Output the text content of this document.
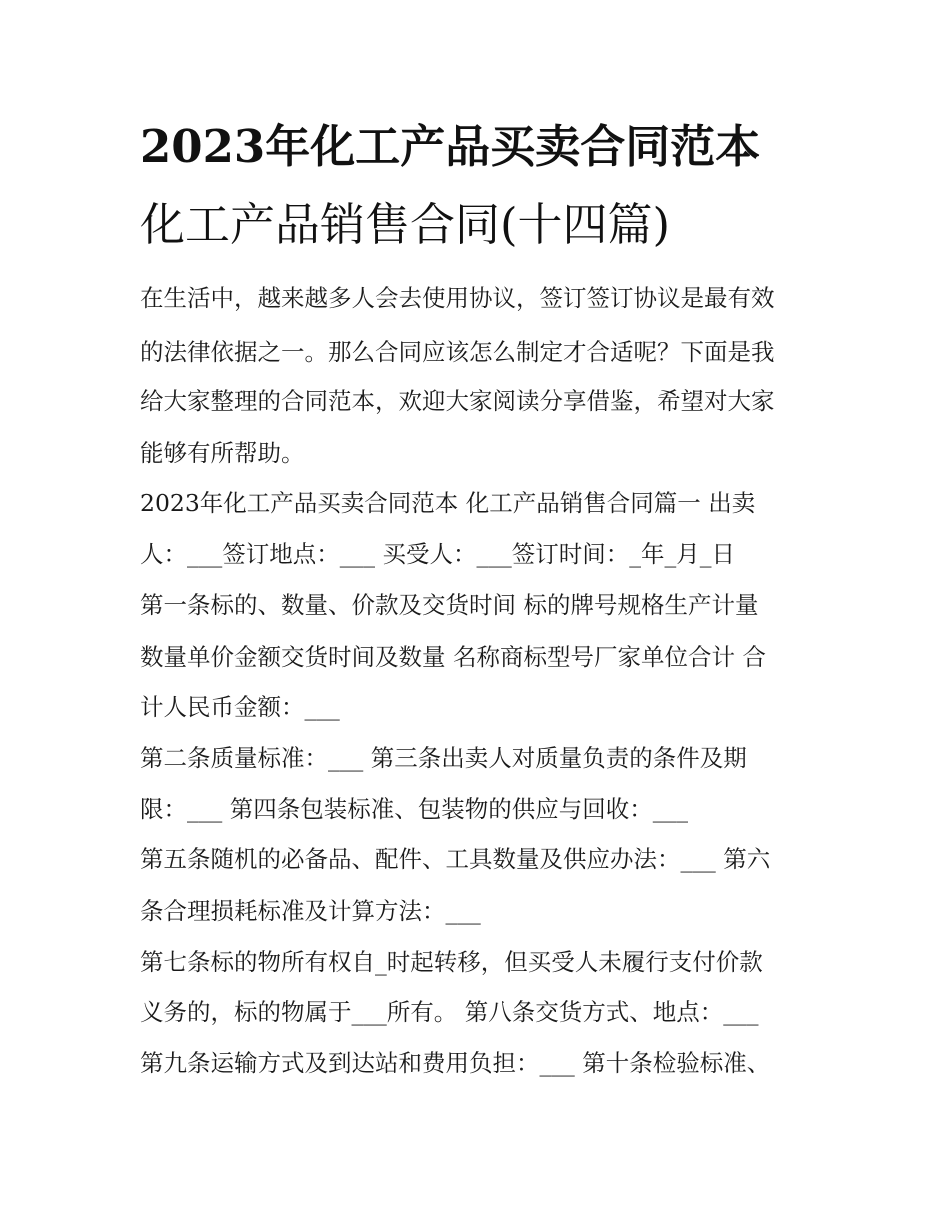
2023年化工产品买卖合同范本
化工产品销售合同(十四篇)
在生活中，越来越多人会去使用协议，签订签订协议是最有效
的法律依据之一。那么合同应该怎么制定才合适呢？下面是我
给大家整理的合同范本，欢迎大家阅读分享借鉴，希望对大家
能够有所帮助。
2023年化工产品买卖合同范本 化工产品销售合同篇一 出卖
人：___签订地点：___ 买受人：___签订时间：_年_月_日
第一条标的、数量、价款及交货时间 标的牌号规格生产计量
数量单价金额交货时间及数量 名称商标型号厂家单位合计 合
计人民币金额：___
第二条质量标准：___ 第三条出卖人对质量负责的条件及期
限：___ 第四条包装标准、包装物的供应与回收：___
第五条随机的必备品、配件、工具数量及供应办法：___ 第六
条合理损耗标准及计算方法：___
第七条标的物所有权自_时起转移，但买受人未履行支付价款
义务的，标的物属于___所有。 第八条交货方式、地点：___
第九条运输方式及到达站和费用负担：___ 第十条检验标准、
